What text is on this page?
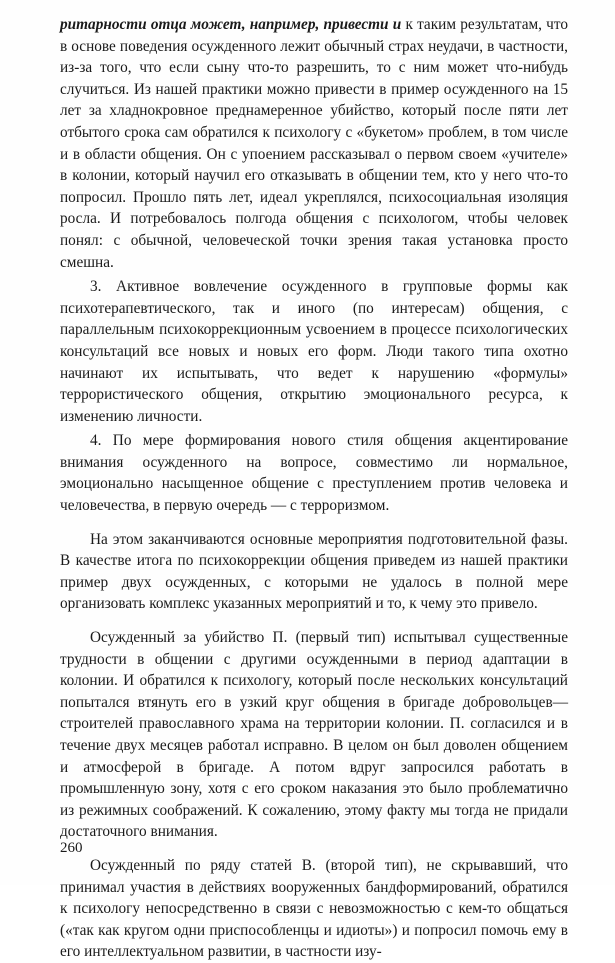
ритарности отца может, например, привести и к таким результатам, что в основе поведения осужденного лежит обычный страх неудачи, в частности, из-за того, что если сыну что-то разрешить, то с ним может что-нибудь случиться. Из нашей практики можно привести в пример осужденного на 15 лет за хладнокровное преднамеренное убийство, который после пяти лет отбытого срока сам обратился к психологу с «букетом» проблем, в том числе и в области общения. Он с упоением рассказывал о первом своем «учителе» в колонии, который научил его отказывать в общении тем, кто у него что-то попросил. Прошло пять лет, идеал укреплялся, психосоциальная изоляция росла. И потребовалось полгода общения с психологом, чтобы человек понял: с обычной, человеческой точки зрения такая установка просто смешна.

3. Активное вовлечение осужденного в групповые формы как психотерапевтического, так и иного (по интересам) общения, с параллельным психокоррекционным усвоением в процессе психологических консультаций все новых и новых его форм. Люди такого типа охотно начинают их испытывать, что ведет к нарушению «формулы» террористического общения, открытию эмоционального ресурса, к изменению личности.

4. По мере формирования нового стиля общения акцентирование внимания осужденного на вопросе, совместимо ли нормальное, эмоционально насыщенное общение с преступлением против человека и человечества, в первую очередь — с терроризмом.

На этом заканчиваются основные мероприятия подготовительной фазы. В качестве итога по психокоррекции общения приведем из нашей практики пример двух осужденных, с которыми не удалось в полной мере организовать комплекс указанных мероприятий и то, к чему это привело.

Осужденный за убийство П. (первый тип) испытывал существенные трудности в общении с другими осужденными в период адаптации в колонии. И обратился к психологу, который после нескольких консультаций попытался втянуть его в узкий круг общения в бригаде добровольцев—строителей православного храма на территории колонии. П. согласился и в течение двух месяцев работал исправно. В целом он был доволен общением и атмосферой в бригаде. А потом вдруг запросился работать в промышленную зону, хотя с его сроком наказания это было проблематично из режимных соображений. К сожалению, этому факту мы тогда не придали достаточного внимания.

Осужденный по ряду статей В. (второй тип), не скрывавший, что принимал участия в действиях вооруженных бандформирований, обратился к психологу непосредственно в связи с невозможностью с кем-то общаться («так как кругом одни приспособленцы и идиоты») и попросил помочь ему в его интеллектуальном развитии, в частности изу-

260
